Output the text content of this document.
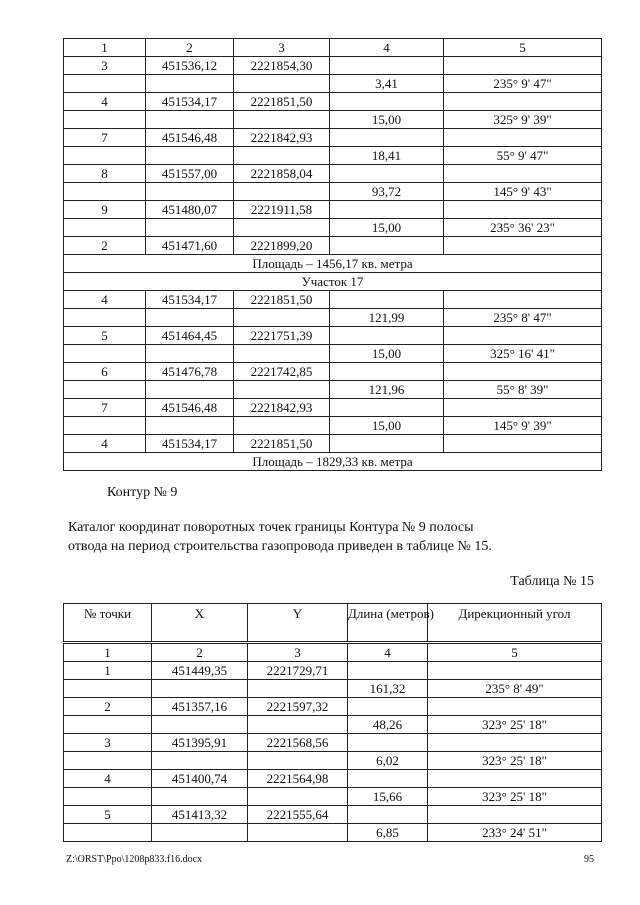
1	2	3	4	5
3	451536,12	2221854,30		
			3,41	235° 9' 47"
4	451534,17	2221851,50		
			15,00	325° 9' 39"
7	451546,48	2221842,93		
			18,41	55° 9' 47"
8	451557,00	2221858,04		
			93,72	145° 9' 43"
9	451480,07	2221911,58		
			15,00	235° 36' 23"
2	451471,60	2221899,20		
Площадь – 1456,17 кв. метра				
Участок 17				
4	451534,17	2221851,50		
			121,99	235° 8' 47"
5	451464,45	2221751,39		
			15,00	325° 16' 41"
6	451476,78	2221742,85		
			121,96	55° 8' 39"
7	451546,48	2221842,93		
			15,00	145° 9' 39"
4	451534,17	2221851,50		
Площадь – 1829,33 кв. метра				
Контур № 9
Каталог координат поворотных точек границы Контура № 9 полосы
отвода на период строительства газопровода приведен в таблице № 15.
Таблица № 15
№ точки	X	Y	Длина (метров)	Дирекционный угол
1	2	3	4	5
1	451449,35	2221729,71		
			161,32	235° 8' 49"
2	451357,16	2221597,32		
			48,26	323° 25' 18"
3	451395,91	2221568,56		
			6,02	323° 25' 18"
4	451400,74	2221564,98		
			15,66	323° 25' 18"
5	451413,32	2221555,64		
			6,85	233° 24' 51"
Z:\ORST\Ppo\1208p833.f16.docx	95
